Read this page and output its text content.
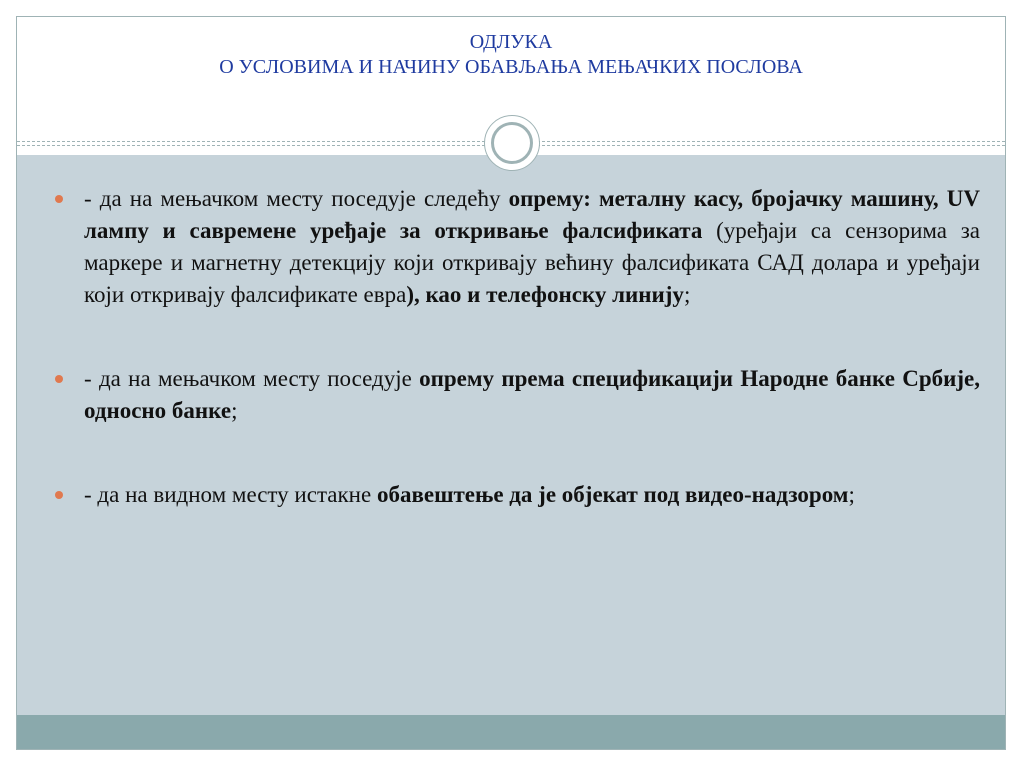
ОДЛУКА

О УСЛОВИМА И НАЧИНУ ОБАВЉАЊА МЕЊАЧКИХ ПОСЛОВА

- да на мењачком месту поседује следећу опрему: металну касу, бројачку машину, UV лампу и савремене уређаје за откривање фалсификата (уређаји са сензорима за маркере и магнетну детекцију који откривају већину фалсификата САД долара и уређаји који откривају фалсификате евра), као и телефонску линију;
- да на мењачком месту поседује опрему према спецификацији Народне банке Србије, односно банке;
- да на видном месту истакне обавештење да је објекат под видео-надзором;
